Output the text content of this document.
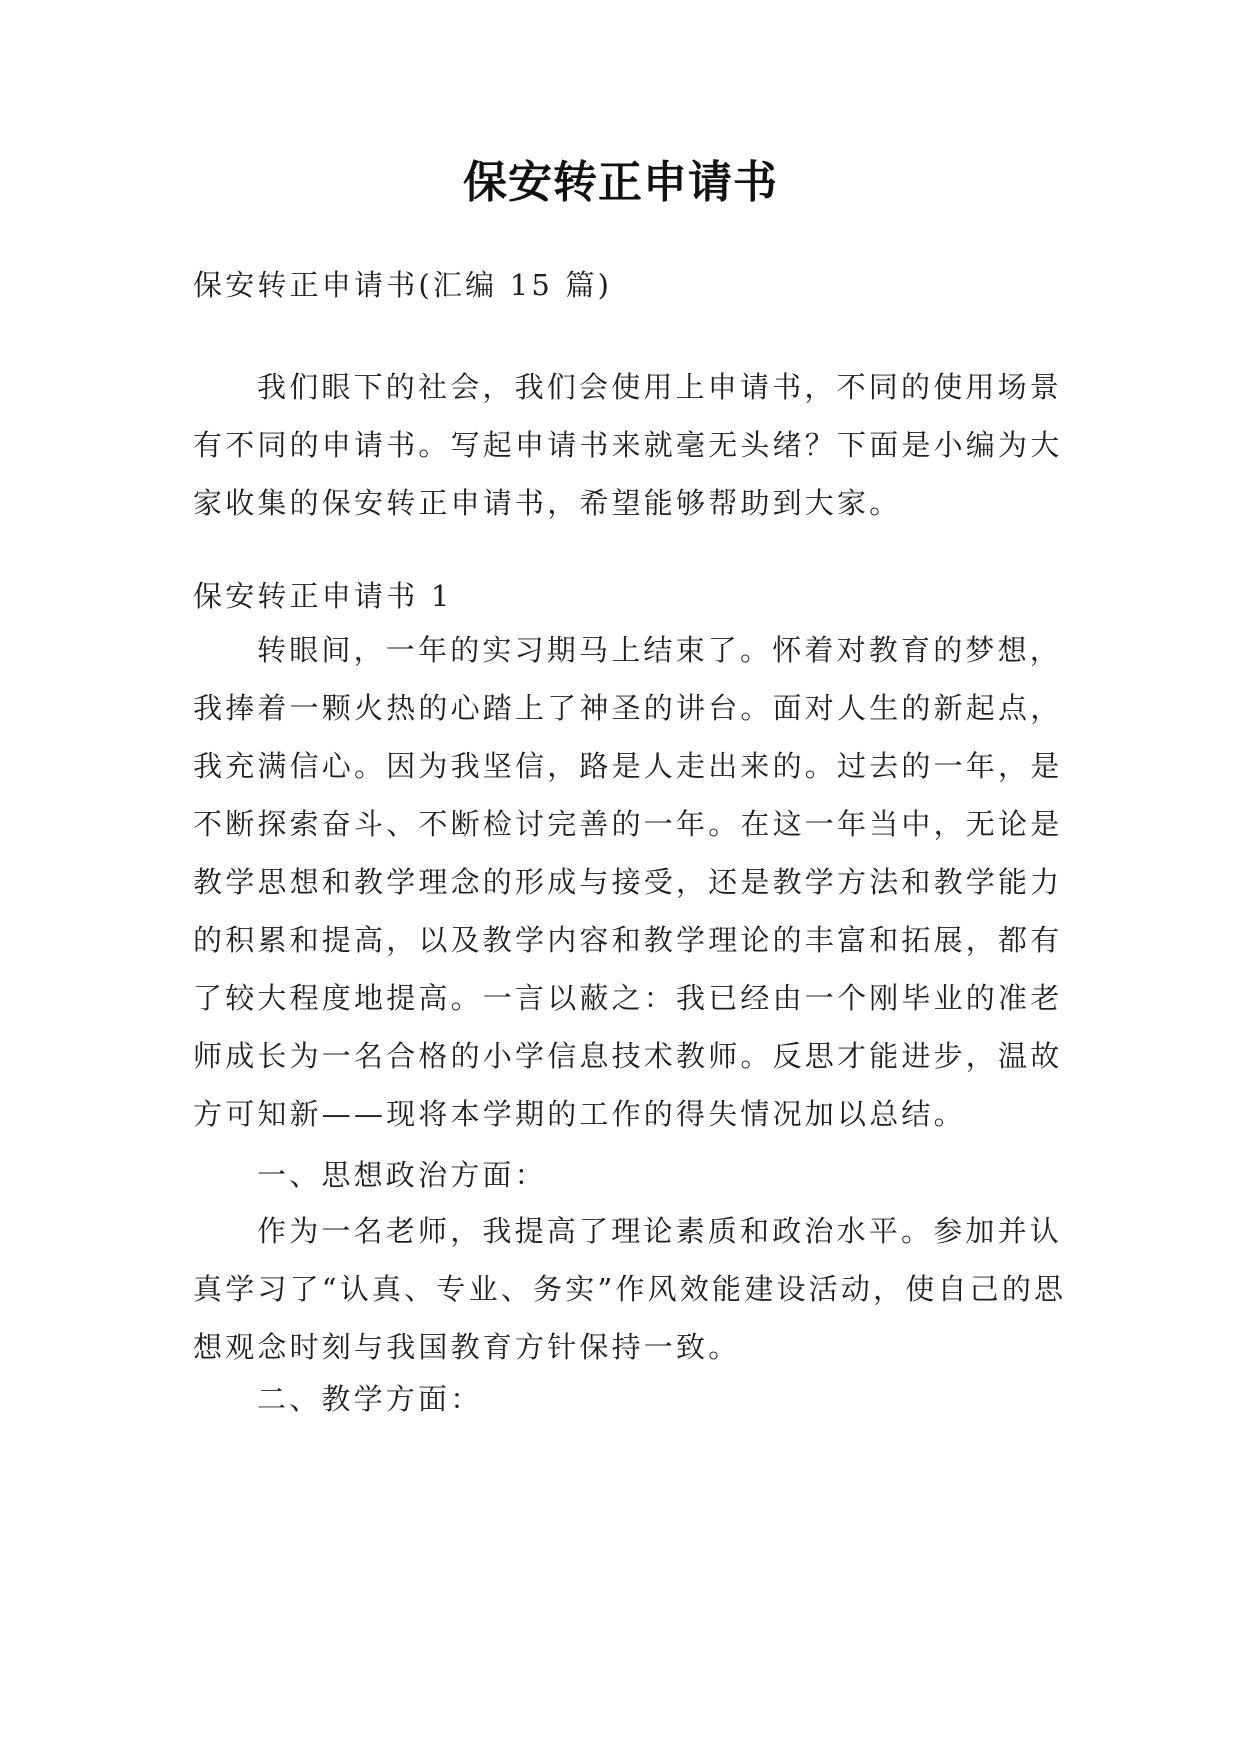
保安转正申请书

保安转正申请书(汇编 15 篇)

我们眼下的社会，我们会使用上申请书，不同的使用场景有不同的申请书。写起申请书来就毫无头绪？下面是小编为大家收集的保安转正申请书，希望能够帮助到大家。

保安转正申请书 1

转眼间，一年的实习期马上结束了。怀着对教育的梦想，我捧着一颗火热的心踏上了神圣的讲台。面对人生的新起点，我充满信心。因为我坚信，路是人走出来的。过去的一年，是不断探索奋斗、不断检讨完善的一年。在这一年当中，无论是教学思想和教学理念的形成与接受，还是教学方法和教学能力的积累和提高，以及教学内容和教学理论的丰富和拓展，都有了较大程度地提高。一言以蔽之：我已经由一个刚毕业的准老师成长为一名合格的小学信息技术教师。反思才能进步，温故方可知新——现将本学期的工作的得失情况加以总结。

一、思想政治方面：

作为一名老师，我提高了理论素质和政治水平。参加并认真学习了“认真、专业、务实”作风效能建设活动，使自己的思想观念时刻与我国教育方针保持一致。

二、教学方面：
